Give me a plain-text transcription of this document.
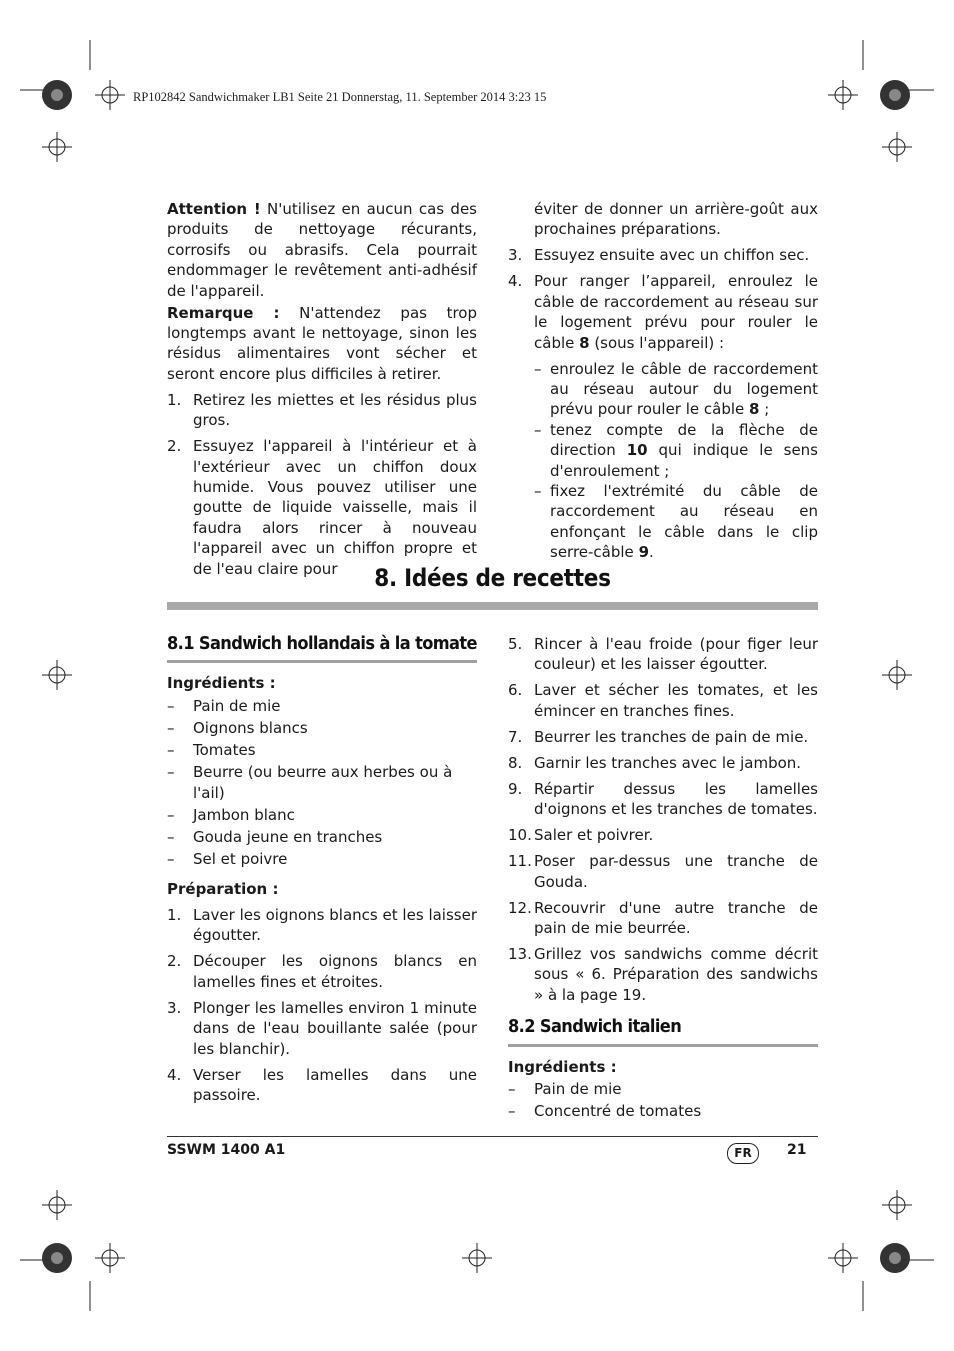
RP102842 Sandwichmaker LB1 Seite 21 Donnerstag, 11. September 2014 3:23 15

Attention ! N'utilisez en aucun cas des produits de nettoyage récurants, corrosifs ou abrasifs. Cela pourrait endommager le revêtement anti-adhésif de l'appareil.

Remarque : N'attendez pas trop longtemps avant le nettoyage, sinon les résidus alimentaires vont sécher et seront encore plus difficiles à retirer.

1. Retirez les miettes et les résidus plus gros.

2. Essuyez l'appareil à l'intérieur et à l'extérieur avec un chiffon doux humide. Vous pouvez utiliser une goutte de liquide vaisselle, mais il faudra alors rincer à nouveau l'appareil avec un chiffon propre et de l'eau claire pour

éviter de donner un arrière-goût aux prochaines préparations.

3. Essuyez ensuite avec un chiffon sec.

4. Pour ranger l’appareil, enroulez le câble de raccordement au réseau sur le logement prévu pour rouler le câble 8 (sous l'appareil) :

– enroulez le câble de raccordement au réseau autour du logement prévu pour rouler le câble 8 ;

– tenez compte de la flèche de direction 10 qui indique le sens d'enroulement ;

– fixez l'extrémité du câble de raccordement au réseau en enfonçant le câble dans le clip serre-câble 9.

8. Idées de recettes
8.1 Sandwich hollandais à la tomate

Ingrédients :

– Pain de mie
– Oignons blancs
– Tomates
– Beurre (ou beurre aux herbes ou à l'ail)
– Jambon blanc
– Gouda jeune en tranches
– Sel et poivre

Préparation :

1. Laver les oignons blancs et les laisser égoutter.

2. Découper les oignons blancs en lamelles fines et étroites.

3. Plonger les lamelles environ 1 minute dans de l'eau bouillante salée (pour les blanchir).

4. Verser les lamelles dans une passoire.

5. Rincer à l'eau froide (pour figer leur couleur) et les laisser égoutter.

6. Laver et sécher les tomates, et les émincer en tranches fines.

7. Beurrer les tranches de pain de mie.

8. Garnir les tranches avec le jambon.

9. Répartir dessus les lamelles d'oignons et les tranches de tomates.

10. Saler et poivrer.

11. Poser par-dessus une tranche de Gouda.

12. Recouvrir d'une autre tranche de pain de mie beurrée.

13. Grillez vos sandwichs comme décrit sous « 6. Préparation des sandwichs » à la page 19.

8.2 Sandwich italien

Ingrédients :

– Pain de mie
– Concentré de tomates
SSWM 1400 A1	FR	21
